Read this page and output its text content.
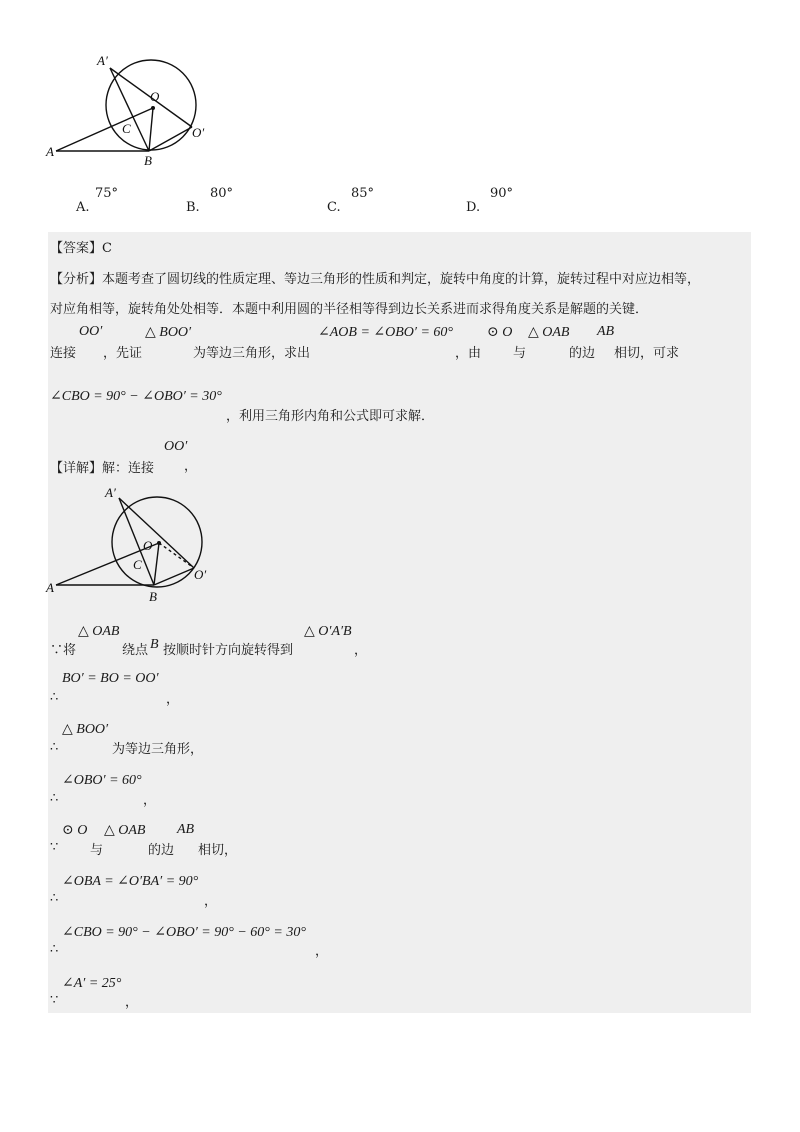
A′
O
O′
C
A
B
75°
A.
80°
B.
85°
C.
90°
D.
【答案】C
【分析】本题考查了圆切线的性质定理、等边三角形的性质和判定，旋转中角度的计算，旋转过程中对应边相等，
对应角相等，旋转角处处相等．本题中利用圆的半径相等得到边长关系进而求得角度关系是解题的关键．
连接
OO′
，先证
△ BOO′
为等边三角形，求出
∠AOB = ∠OBO′ = 60°
，由
⊙ O
与
△ OAB
的边
AB
相切，可求
∠CBO = 90° − ∠OBO′ = 30°
，利用三角形内角和公式即可求解．
【详解】解：连接
OO′
，
A′
O
O′
C
A
B
∵将
△ OAB
绕点 B 按顺时针方向旋转得到
△ O′A′B
，
BO′ = BO = OO′
∴	，
△ BOO′
∴	为等边三角形，
∠OBO′ = 60°
∴	，
⊙ O △ OAB AB
∵ 与	的边 相切，
∠OBA = ∠O′BA′ = 90°
∴	，
∠CBO = 90° − ∠OBO′ = 90° − 60° = 30°
∴	，
∠A′ = 25°
∵	，
